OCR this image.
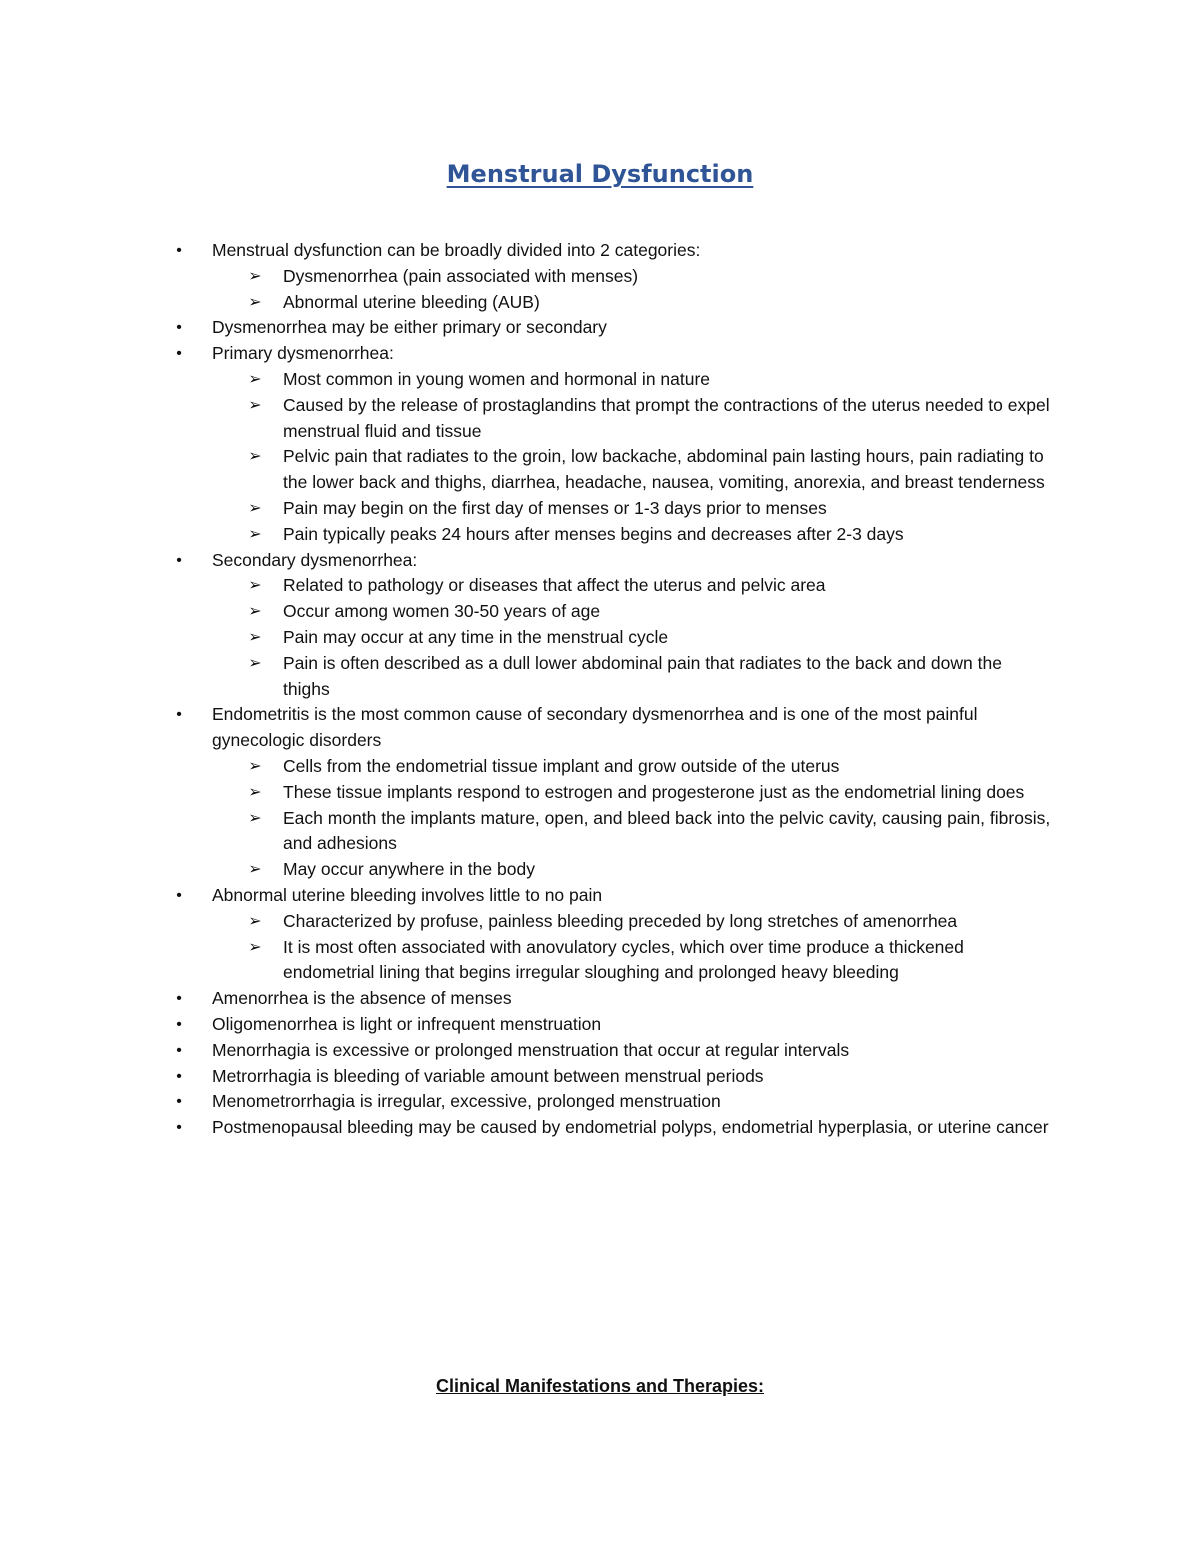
Menstrual Dysfunction
• Menstrual dysfunction can be broadly divided into 2 categories:
➢ Dysmenorrhea (pain associated with menses)
➢ Abnormal uterine bleeding (AUB)
• Dysmenorrhea may be either primary or secondary
• Primary dysmenorrhea:
➢ Most common in young women and hormonal in nature
➢ Caused by the release of prostaglandins that prompt the contractions of the uterus needed to expel menstrual fluid and tissue
➢ Pelvic pain that radiates to the groin, low backache, abdominal pain lasting hours, pain radiating to the lower back and thighs, diarrhea, headache, nausea, vomiting, anorexia, and breast tenderness
➢ Pain may begin on the first day of menses or 1-3 days prior to menses
➢ Pain typically peaks 24 hours after menses begins and decreases after 2-3 days
• Secondary dysmenorrhea:
➢ Related to pathology or diseases that affect the uterus and pelvic area
➢ Occur among women 30-50 years of age
➢ Pain may occur at any time in the menstrual cycle
➢ Pain is often described as a dull lower abdominal pain that radiates to the back and down the thighs
• Endometritis is the most common cause of secondary dysmenorrhea and is one of the most painful gynecologic disorders
➢ Cells from the endometrial tissue implant and grow outside of the uterus
➢ These tissue implants respond to estrogen and progesterone just as the endometrial lining does
➢ Each month the implants mature, open, and bleed back into the pelvic cavity, causing pain, fibrosis, and adhesions
➢ May occur anywhere in the body
• Abnormal uterine bleeding involves little to no pain
➢ Characterized by profuse, painless bleeding preceded by long stretches of amenorrhea
➢ It is most often associated with anovulatory cycles, which over time produce a thickened endometrial lining that begins irregular sloughing and prolonged heavy bleeding
• Amenorrhea is the absence of menses
• Oligomenorrhea is light or infrequent menstruation
• Menorrhagia is excessive or prolonged menstruation that occur at regular intervals
• Metrorrhagia is bleeding of variable amount between menstrual periods
• Menometrorrhagia is irregular, excessive, prolonged menstruation
• Postmenopausal bleeding may be caused by endometrial polyps, endometrial hyperplasia, or uterine cancer
Clinical Manifestations and Therapies:
